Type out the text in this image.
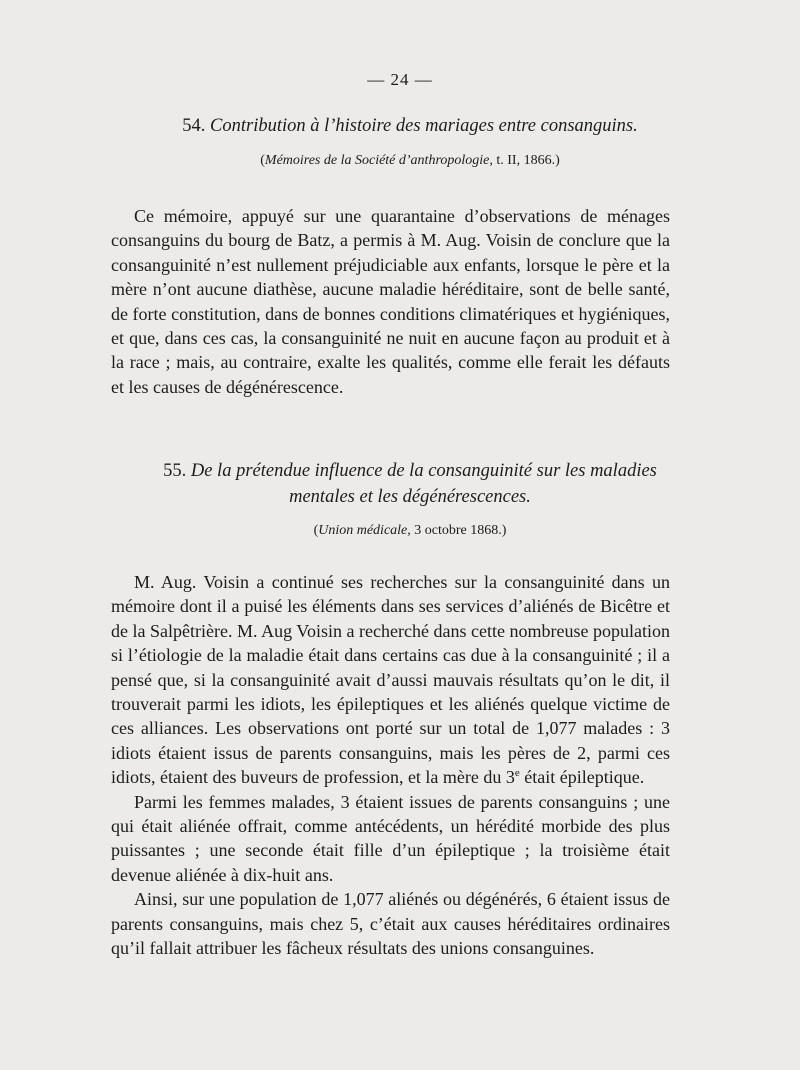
— 24 —
54. Contribution à l’histoire des mariages entre consanguins.
(Mémoires de la Société d’anthropologie, t. II, 1866.)

Ce mémoire, appuyé sur une quarantaine d’observations de ménages consanguins du bourg de Batz, a permis à M. Aug. Voisin de conclure que la consanguinité n’est nullement préjudiciable aux enfants, lorsque le père et la mère n’ont aucune diathèse, aucune maladie héréditaire, sont de belle santé, de forte constitution, dans de bonnes conditions climatériques et hygiéniques, et que, dans ces cas, la consanguinité ne nuit en aucune façon au produit et à la race ; mais, au contraire, exalte les qualités, comme elle ferait les défauts et les causes de dégénérescence.

55. De la prétendue influence de la consanguinité sur les maladies
mentales et les dégénérescences.
(Union médicale, 3 octobre 1868.)

M. Aug. Voisin a continué ses recherches sur la consanguinité dans un mémoire dont il a puisé les éléments dans ses services d’aliénés de Bicêtre et de la Salpêtrière. M. Aug Voisin a recherché dans cette nombreuse population si l’étiologie de la maladie était dans certains cas due à la consanguinité ; il a pensé que, si la consanguinité avait d’aussi mauvais résultats qu’on le dit, il trouverait parmi les idiots, les épileptiques et les aliénés quelque victime de ces alliances. Les observations ont porté sur un total de 1,077 malades : 3 idiots étaient issus de parents consanguins, mais les pères de 2, parmi ces idiots, étaient des buveurs de profession, et la mère du 3e était épileptique.

Parmi les femmes malades, 3 étaient issues de parents consanguins ; une qui était aliénée offrait, comme antécédents, un hérédité morbide des plus puissantes ; une seconde était fille d’un épileptique ; la troisième était devenue aliénée à dix-huit ans.

Ainsi, sur une population de 1,077 aliénés ou dégénérés, 6 étaient issus de parents consanguins, mais chez 5, c’était aux causes héréditaires ordinaires qu’il fallait attribuer les fâcheux résultats des unions consanguines.
